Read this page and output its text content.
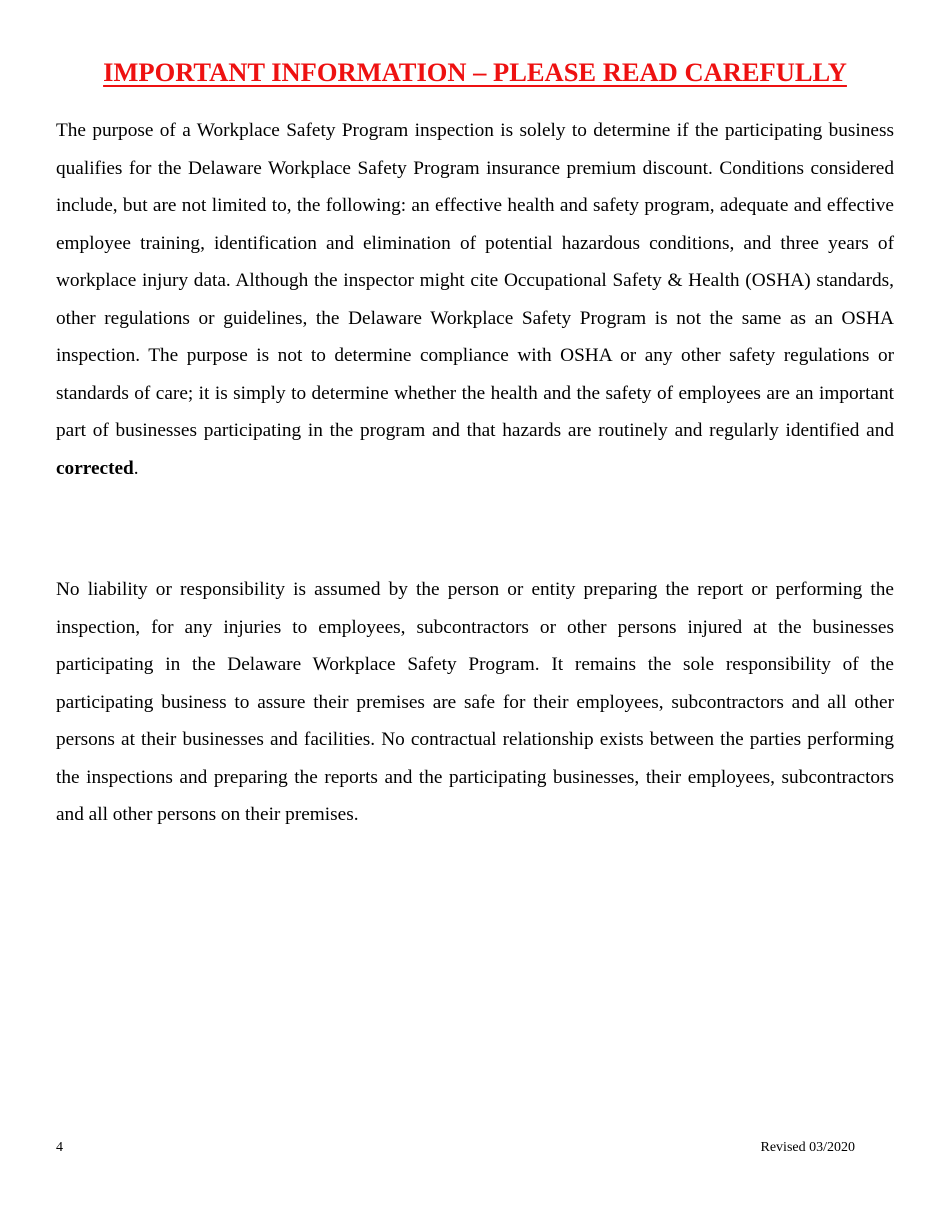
IMPORTANT INFORMATION – PLEASE READ CAREFULLY

The purpose of a Workplace Safety Program inspection is solely to determine if the participating business qualifies for the Delaware Workplace Safety Program insurance premium discount. Conditions considered include, but are not limited to, the following: an effective health and safety program, adequate and effective employee training, identification and elimination of potential hazardous conditions, and three years of workplace injury data. Although the inspector might cite Occupational Safety & Health (OSHA) standards, other regulations or guidelines, the Delaware Workplace Safety Program is not the same as an OSHA inspection. The purpose is not to determine compliance with OSHA or any other safety regulations or standards of care; it is simply to determine whether the health and the safety of employees are an important part of businesses participating in the program and that hazards are routinely and regularly identified and corrected.

No liability or responsibility is assumed by the person or entity preparing the report or performing the inspection, for any injuries to employees, subcontractors or other persons injured at the businesses participating in the Delaware Workplace Safety Program. It remains the sole responsibility of the participating business to assure their premises are safe for their employees, subcontractors and all other persons at their businesses and facilities. No contractual relationship exists between the parties performing the inspections and preparing the reports and the participating businesses, their employees, subcontractors and all other persons on their premises.

4	Revised 03/2020
